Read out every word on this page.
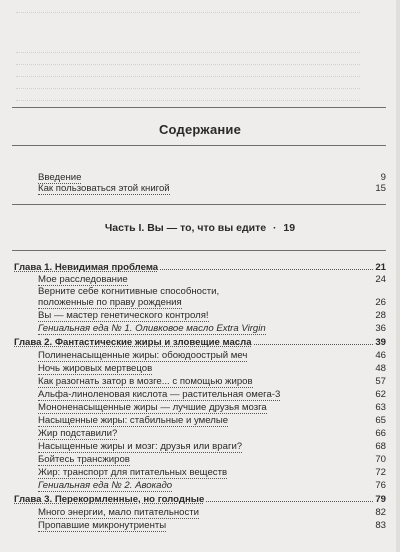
Содержание
Введение	9
Как пользоваться этой книгой	15
Часть I. Вы — то, что вы едите · 19
Глава 1. Невидимая проблема	21
Мое расследование	24
Верните себе когнитивные способности,
положенные по праву рождения	26
Вы — мастер генетического контроля!	28
Гениальная еда № 1. Оливковое масло Extra Virgin	36
Глава 2. Фантастические жиры и зловещие масла	39
Полиненасыщенные жиры: обоюдоострый меч	46
Ночь жировых мертвецов	48
Как разогнать затор в мозге... с помощью жиров	57
Альфа-линоленовая кислота — растительная омега-3	62
Мононенасыщенные жиры — лучшие друзья мозга	63
Насыщенные жиры: стабильные и умелые	65
Жир подставили?	66
Насыщенные жиры и мозг: друзья или враги?	68
Бойтесь трансжиров	70
Жир: транспорт для питательных веществ	72
Гениальная еда № 2. Авокадо	76
Глава 3. Перекормленные, но голодные	79
Много энергии, мало питательности	82
Пропавшие микронутриенты	83
